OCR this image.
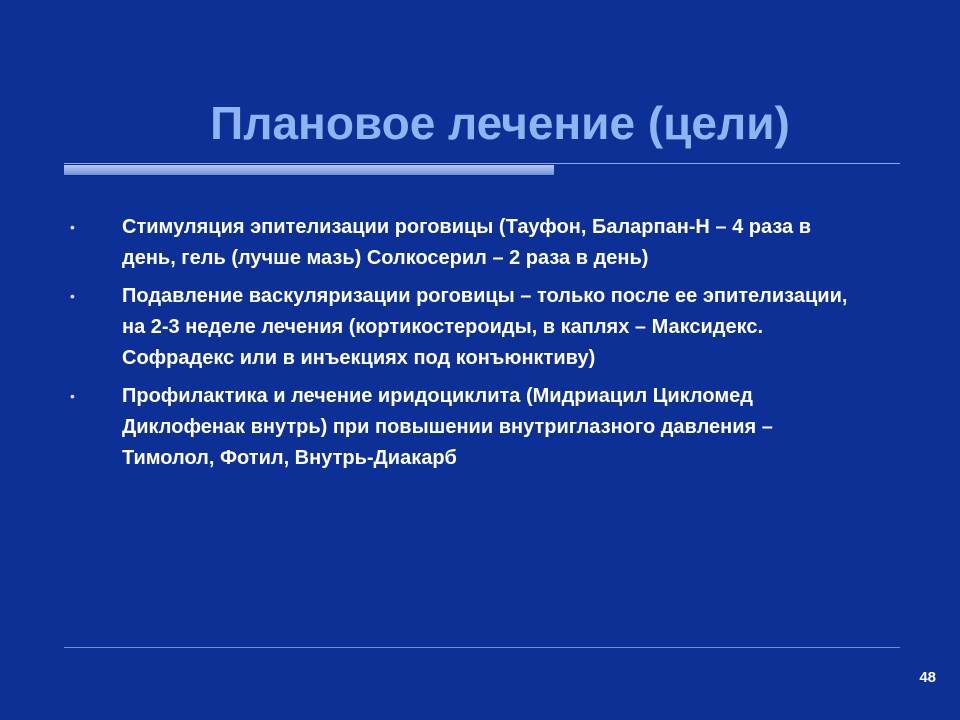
Плановое лечение (цели)
•	Стимуляция эпителизации роговицы (Тауфон, Баларпан-Н – 4 раза в
день, гель (лучше мазь) Солкосерил – 2 раза в день)
•	Подавление васкуляризации роговицы – только после ее эпителизации,
на 2-3 неделе лечения (кортикостероиды, в каплях – Максидекс.
Софрадекс или в инъекциях под конъюнктиву)
•	Профилактика и лечение иридоциклита (Мидриацил Цикломед
Диклофенак внутрь) при повышении внутриглазного давления –
Тимолол, Фотил, Внутрь-Диакарб
48
